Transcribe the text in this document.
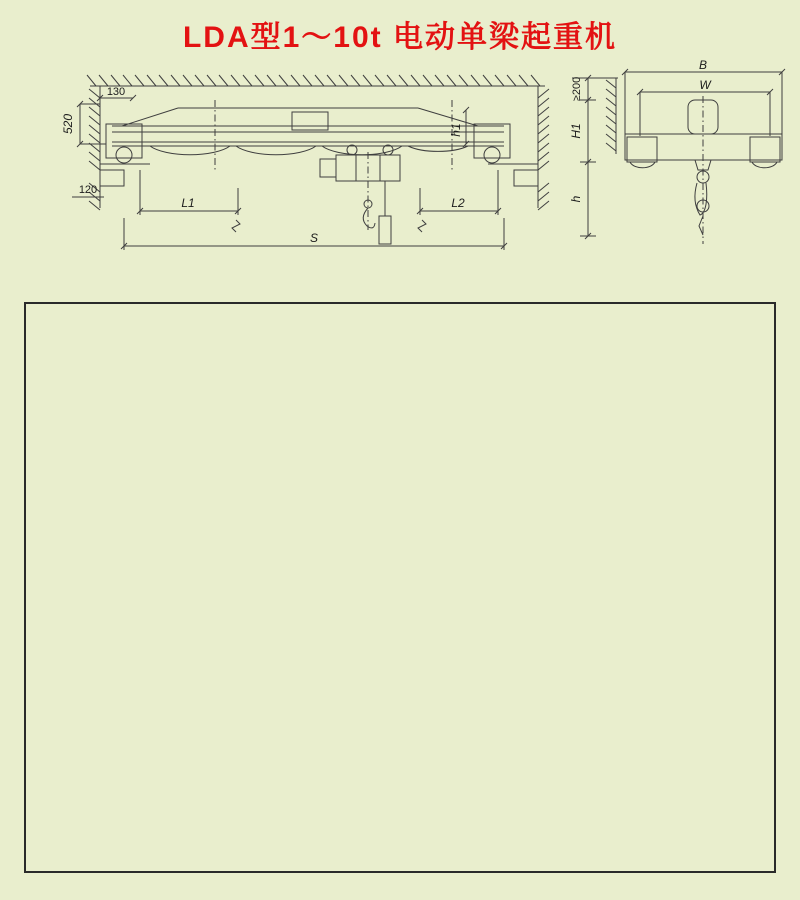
LDA型1～10t 电动单梁起重机
130
520
120
L1	L2
S
h1
B
W
≥200
H1
h
